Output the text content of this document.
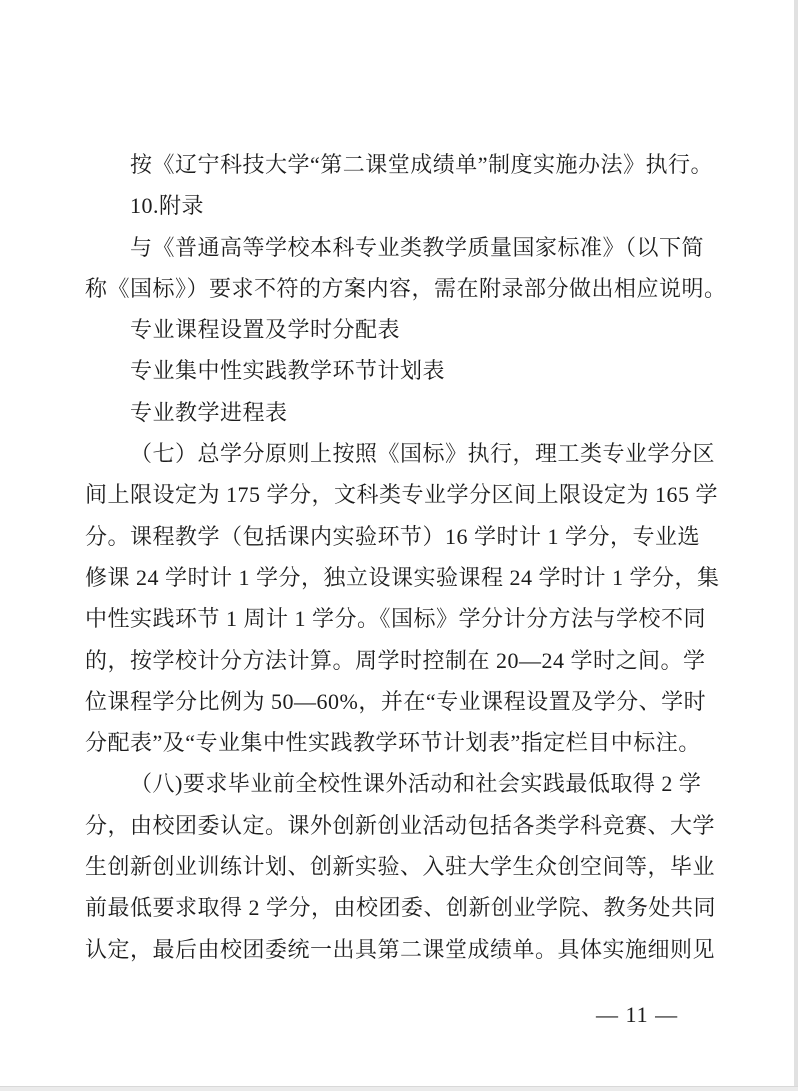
按《辽宁科技大学“第二课堂成绩单”制度实施办法》执行。
10.附录
与《普通高等学校本科专业类教学质量国家标准》（以下简
称《国标》）要求不符的方案内容，需在附录部分做出相应说明。
专业课程设置及学时分配表
专业集中性实践教学环节计划表
专业教学进程表
（七）总学分原则上按照《国标》执行，理工类专业学分区
间上限设定为 175 学分，文科类专业学分区间上限设定为 165 学
分。课程教学（包括课内实验环节）16 学时计 1 学分，专业选
修课 24 学时计 1 学分，独立设课实验课程 24 学时计 1 学分，集
中性实践环节 1 周计 1 学分。《国标》学分计分方法与学校不同
的，按学校计分方法计算。周学时控制在 20—24 学时之间。学
位课程学分比例为 50—60%，并在“专业课程设置及学分、学时
分配表”及“专业集中性实践教学环节计划表”指定栏目中标注。
（八)要求毕业前全校性课外活动和社会实践最低取得 2 学
分，由校团委认定。课外创新创业活动包括各类学科竞赛、大学
生创新创业训练计划、创新实验、入驻大学生众创空间等，毕业
前最低要求取得 2 学分，由校团委、创新创业学院、教务处共同
认定，最后由校团委统一出具第二课堂成绩单。具体实施细则见
— 11 —
